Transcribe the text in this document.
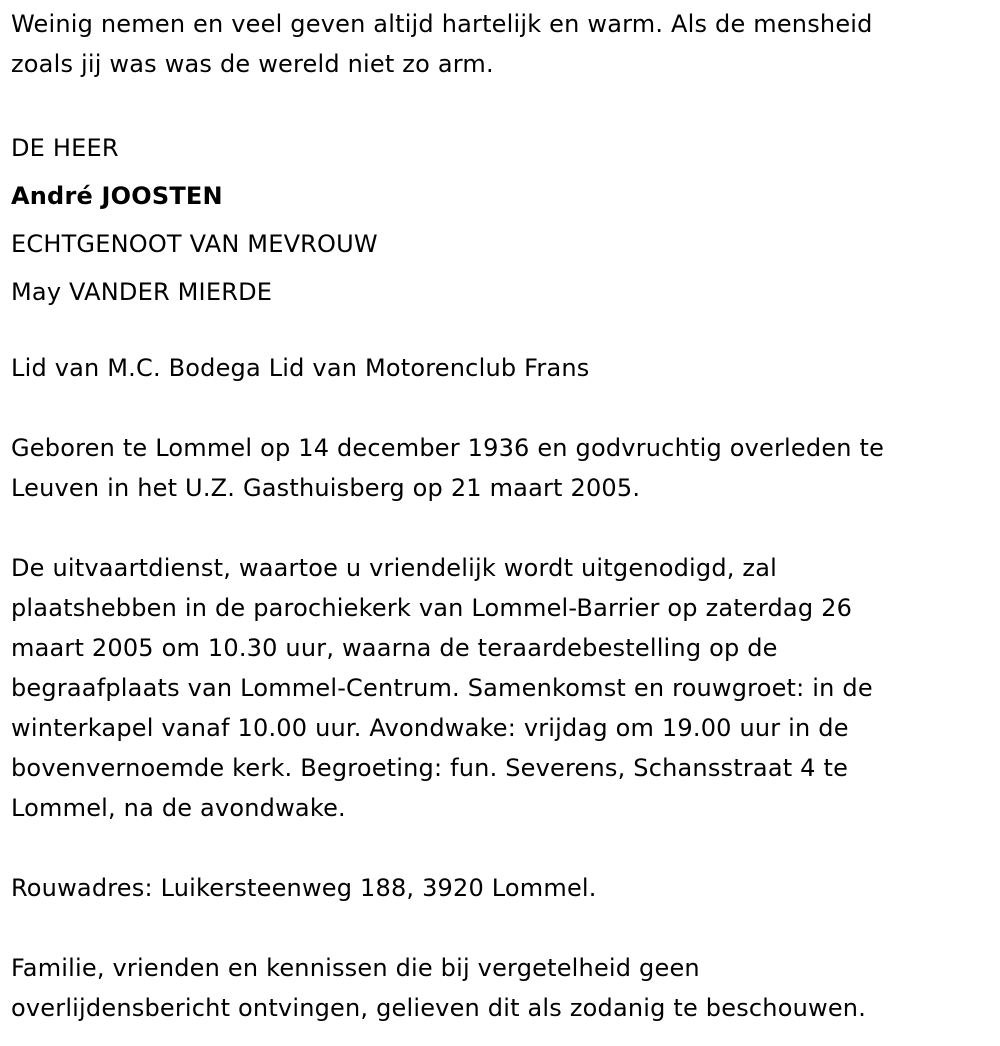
Weinig nemen en veel geven altijd hartelijk en warm. Als de mensheid
zoals jij was was de wereld niet zo arm.
DE HEER
André JOOSTEN
ECHTGENOOT VAN MEVROUW
May VANDER MIERDE
Lid van M.C. Bodega Lid van Motorenclub Frans
Geboren te Lommel op 14 december 1936 en godvruchtig overleden te
Leuven in het U.Z. Gasthuisberg op 21 maart 2005.
De uitvaartdienst, waartoe u vriendelijk wordt uitgenodigd, zal
plaatshebben in de parochiekerk van Lommel-Barrier op zaterdag 26
maart 2005 om 10.30 uur, waarna de teraardebestelling op de
begraafplaats van Lommel-Centrum. Samenkomst en rouwgroet: in de
winterkapel vanaf 10.00 uur. Avondwake: vrijdag om 19.00 uur in de
bovenvernoemde kerk. Begroeting: fun. Severens, Schansstraat 4 te
Lommel, na de avondwake.
Rouwadres: Luikersteenweg 188, 3920 Lommel.
Familie, vrienden en kennissen die bij vergetelheid geen
overlijdensbericht ontvingen, gelieven dit als zodanig te beschouwen.
